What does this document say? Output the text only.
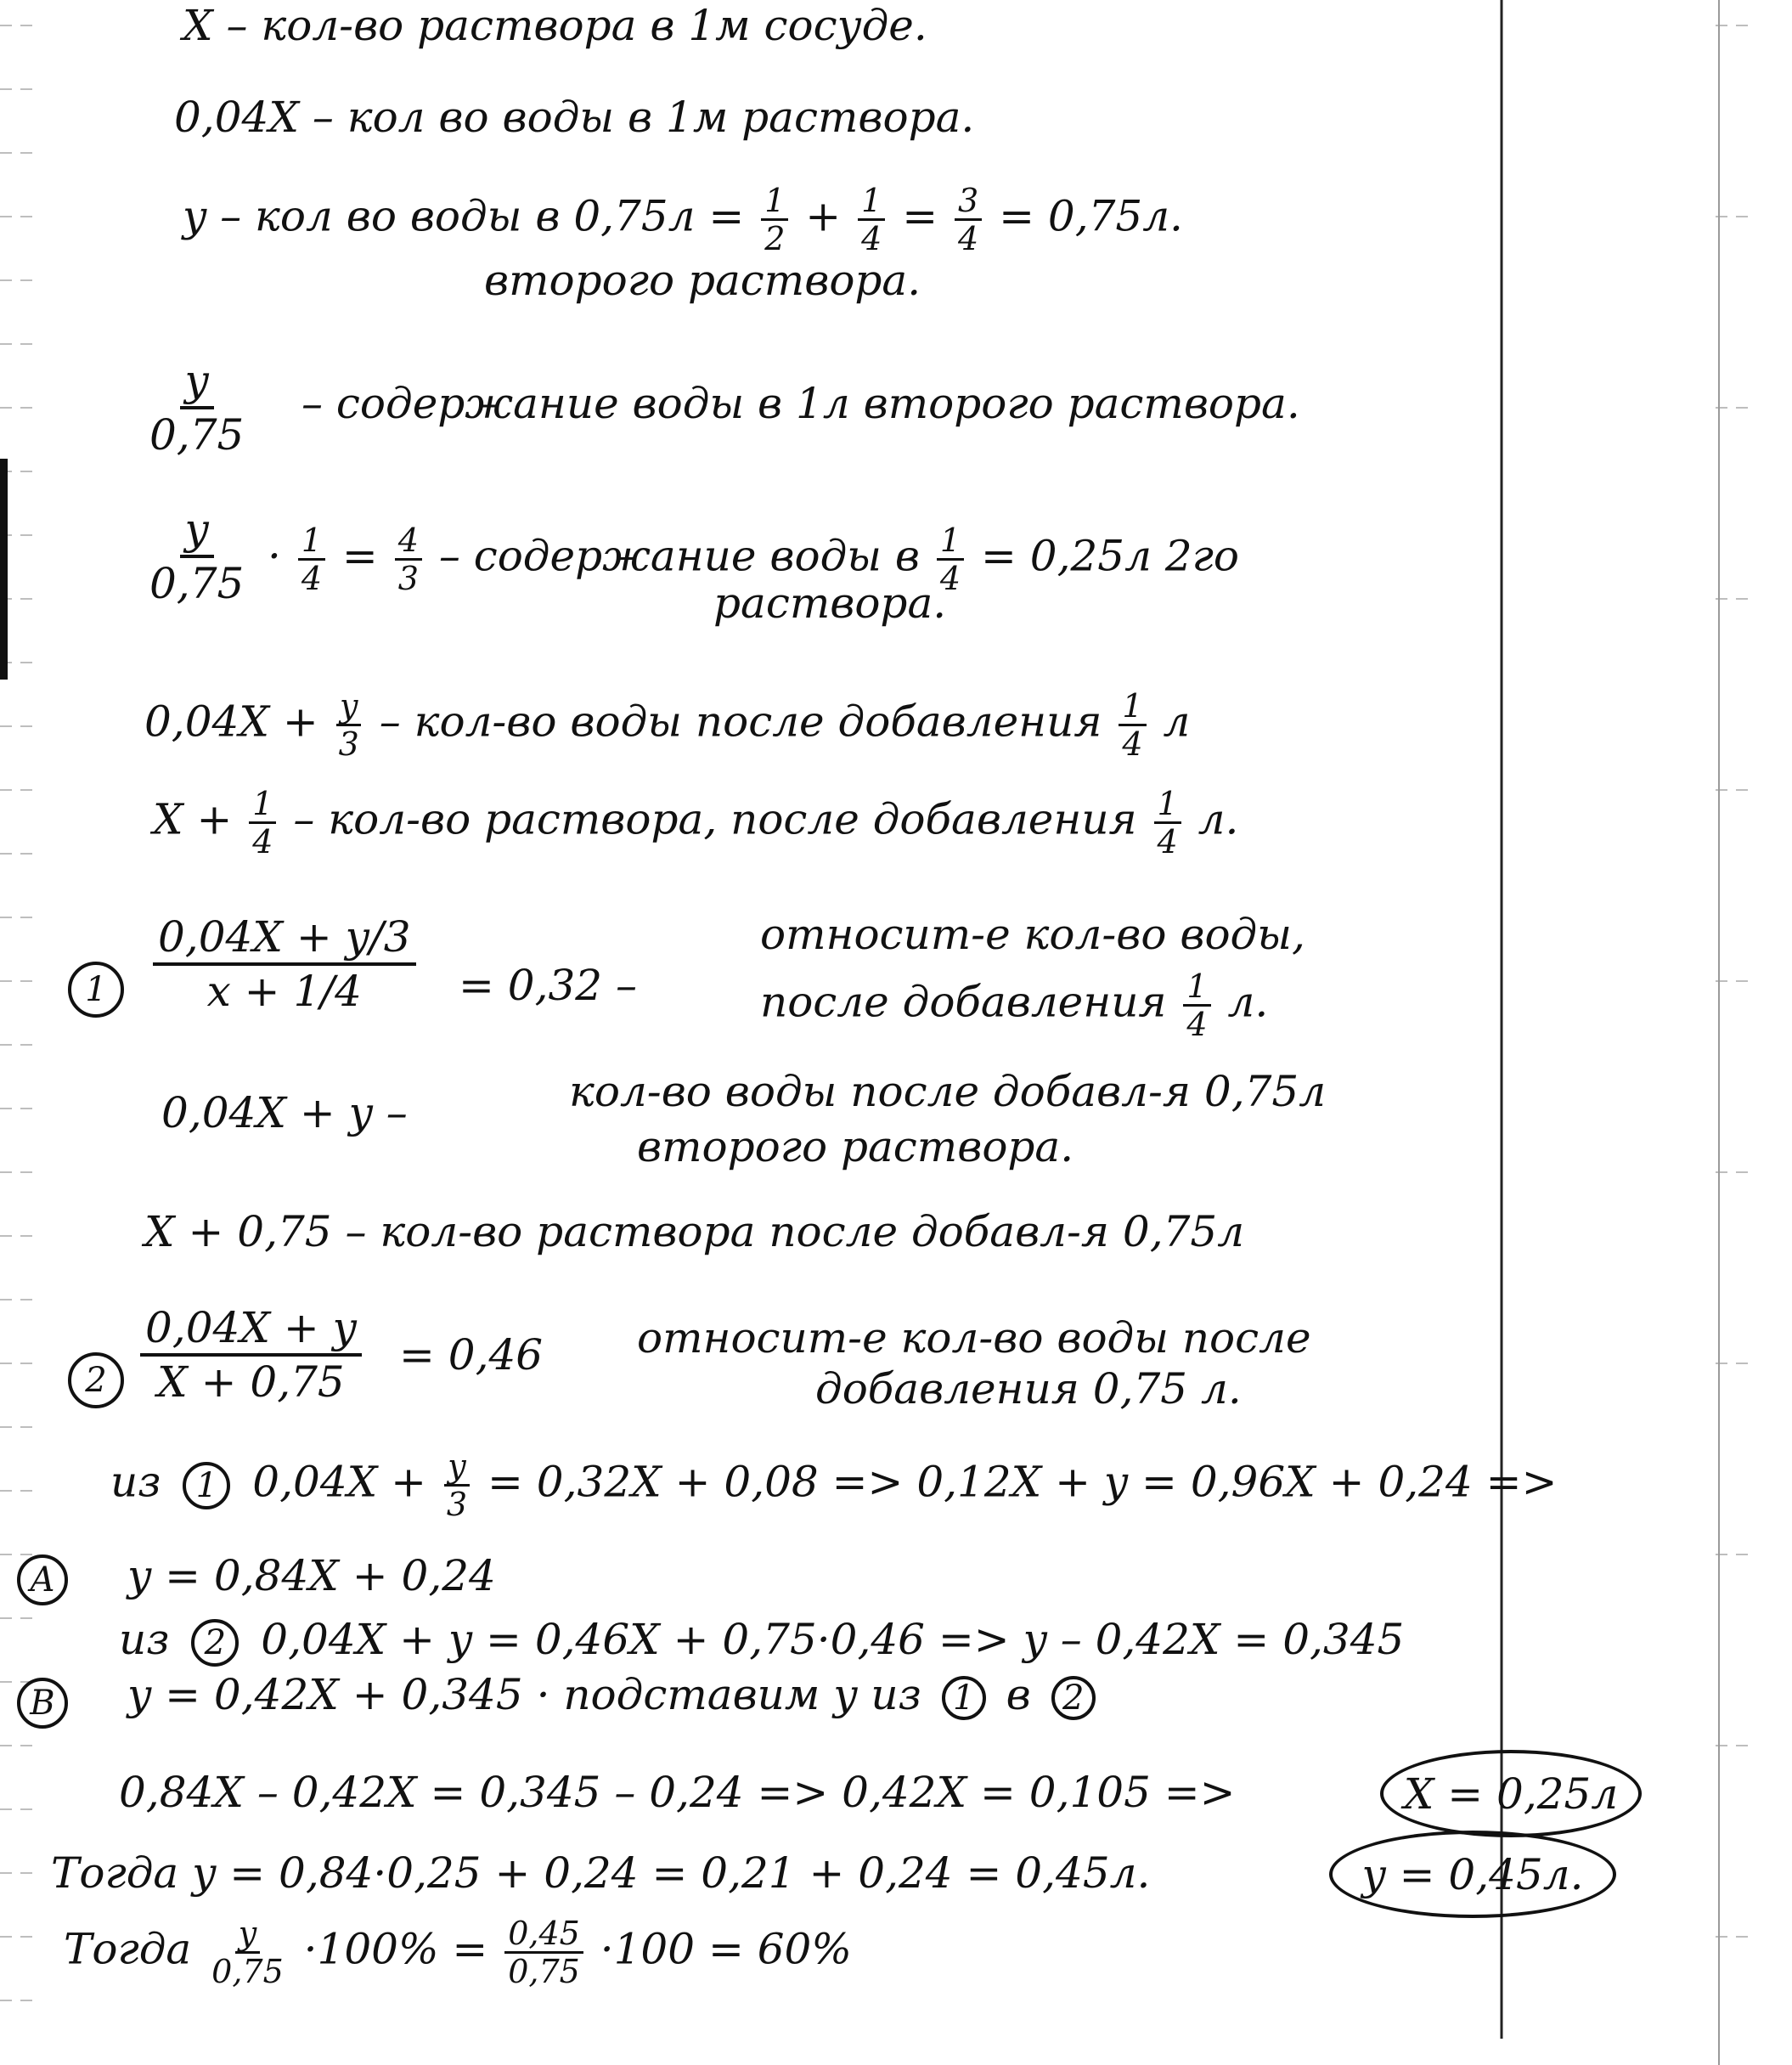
X – кол-во раствора в 1м сосуде.
0,04X – кол во воды в 1м раствора.
y – кол во воды в $0,75л = \frac{1}{2} + \frac{1}{4} = \frac{3}{4} = 0,75л$.
второго раствора.
$\frac{y}{0,75}$ – содержание воды в 1л второго раствора.
$\frac{y}{0,75} \cdot \frac{1}{4} = \frac{4}{3}$ – содержание воды в $\frac{1}{4} = 0,25л$ 2го
раствора.
$0,04X + \frac{y}{3} - кол-во$ воды после добавления $\frac{1}{4}$ л
$X + \frac{1}{4} - кол-во$ раствора, после добавления $\frac{1}{4} л$.
1	$\frac{0,04X + y/3}{x + 1/4} = 0,32$ –
относит-е кол-во воды,
после добавления $\frac{1}{4} л$.
0,04X + y –	кол-во воды после добавл-я 0,75л
второго раствора.
X + 0,75 – кол-во раствора после добавл-я 0,75л
$2 \frac{0,04X + y}{X + 0,75} = 0,46$ относит-е кол-во воды после
добавления 0,75 л.
из 1 $0,04X + \frac{y}{3} = 0,32X + 0,08 => 0,12X + y = 0,96X + 0,24$ =>
А y = 0,84X + 0,24
из 2 0,04X + y = 0,46X + 0,75·0,46 => y – 0,42X = 0,345
В	y = 0,42X + 0,345 · подставим y из 1 в 2
0,84X – 0,42X = 0,345 – 0,24 => 0,42X = 0,105 =>	X = 0,25л
Тогда y = 0,84·0,25 + 0,24 = 0,21 + 0,24 = 0,45л.	y = 0,45л.
Тогда $\frac{y}{0,75} \cdot 100\% = \frac{0,45}{0,75} \cdot 100 = 60\%$
